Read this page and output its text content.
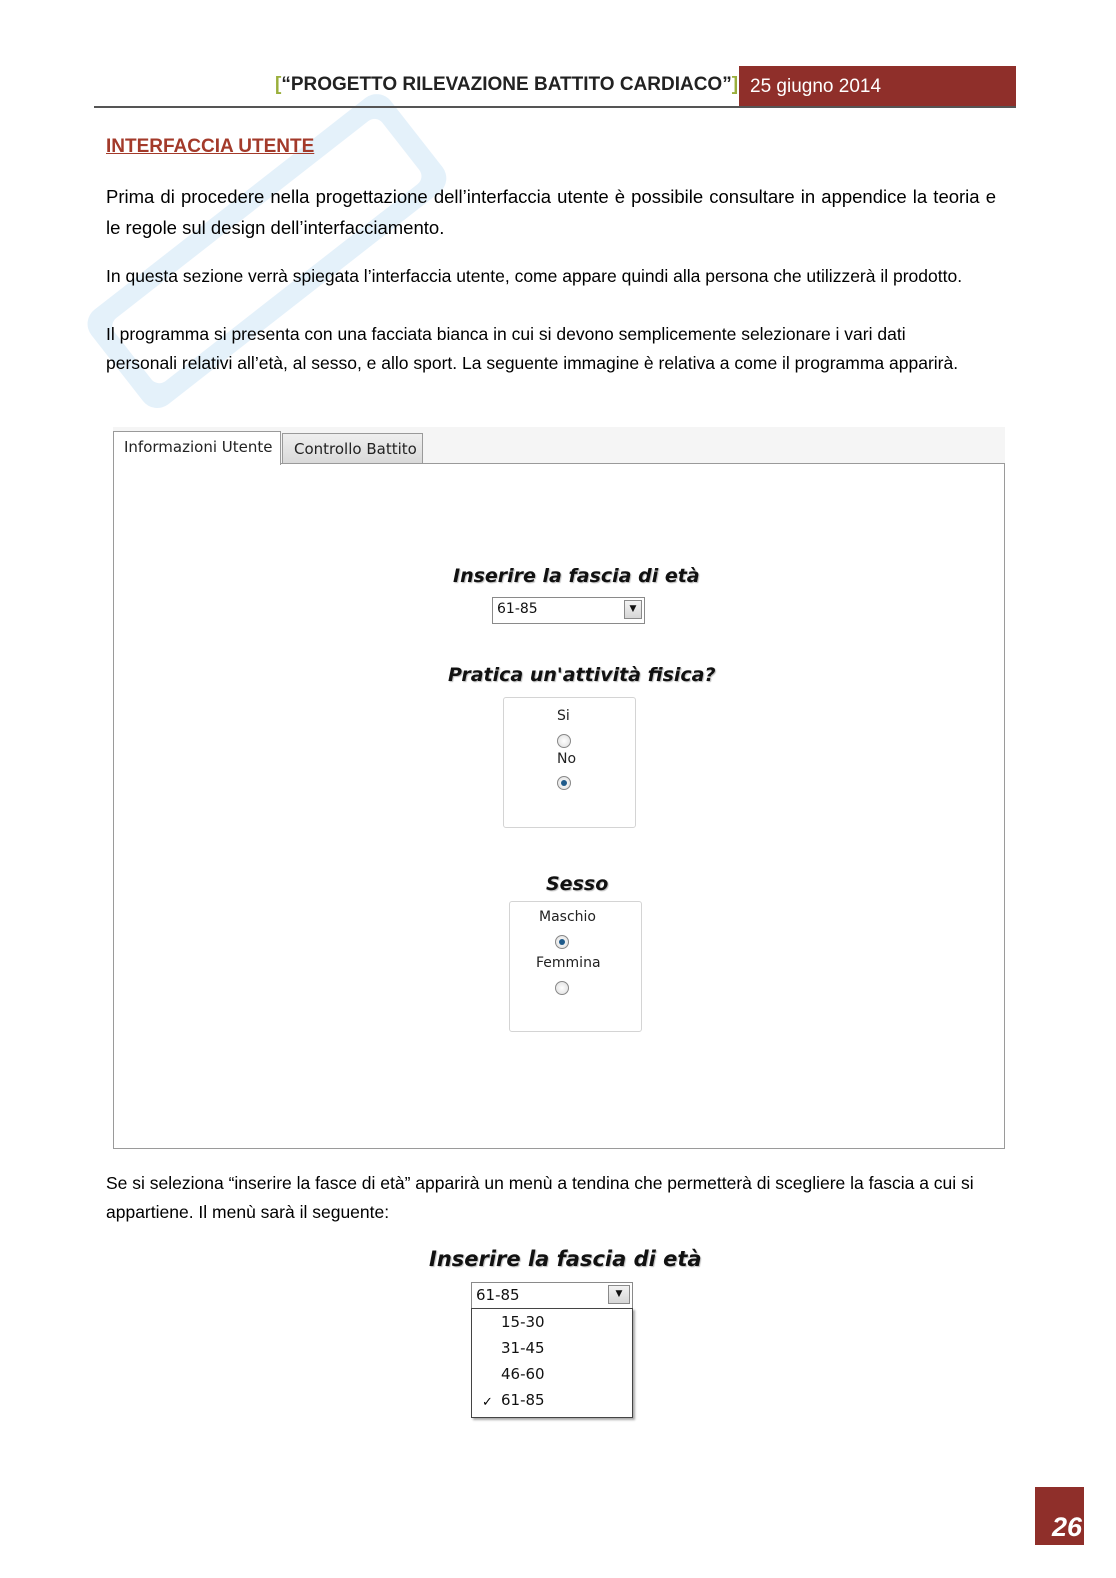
[“PROGETTO RILEVAZIONE BATTITO CARDIACO”] 25 giugno 2014
INTERFACCIA UTENTE
Prima di procedere nella progettazione dell’interfaccia utente è possibile consultare in appendice la teoria e le regole sul design dell’interfacciamento.
In questa sezione verrà spiegata l’interfaccia utente, come appare quindi alla persona che utilizzerà il prodotto.
Il programma si presenta con una facciata bianca in cui si devono semplicemente selezionare i vari dati personali relativi all’età, al sesso, e allo sport. La seguente immagine è relativa a come il programma apparirà.
Informazioni Utente	Controllo Battito
Inserire la fascia di età
61-85	▼
Pratica un'attività fisica?
Si
No
Sesso
Maschio
Femmina
Se si seleziona “inserire la fasce di età” apparirà un menù a tendina che permetterà di scegliere la fascia a cui si appartiene. Il menù sarà il seguente:
Inserire la fascia di età
61-85	▼
15-30
31-45
46-60
✓ 61-85
26
